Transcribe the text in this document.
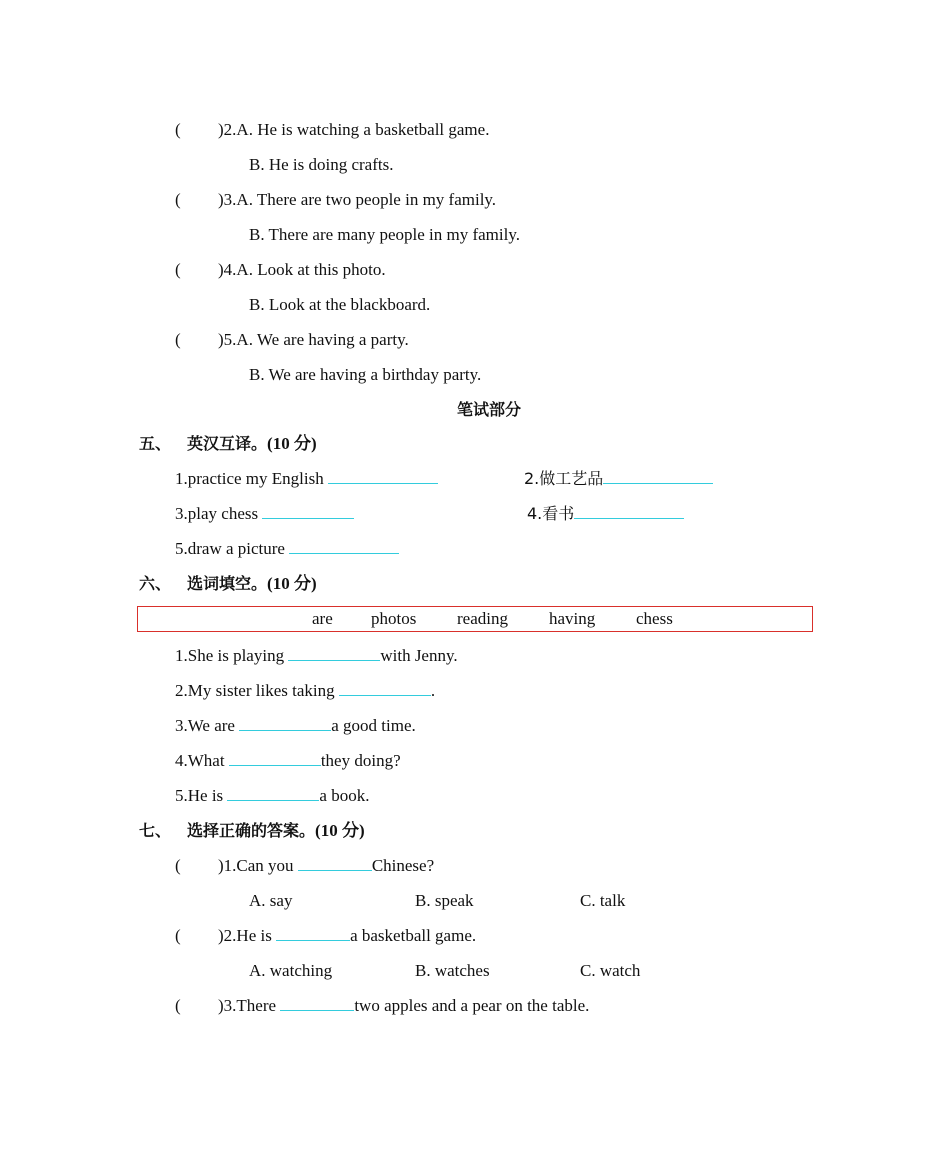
( )2.A. He is watching a basketball game.
B. He is doing crafts.
( )3.A. There are two people in my family.
B. There are many people in my family.
( )4.A. Look at this photo.
B. Look at the blackboard.
( )5.A. We are having a party.
B. We are having a birthday party.
笔试部分
五、 英汉互译。(10 分)
1.practice my English	2.做工艺品
3.play chess	4.看书
5.draw a picture
六、 选词填空。(10 分)
are photos reading having chess
1.She is playing	with Jenny.
2.My sister likes taking	.
3.We are	a good time.
4.What	they doing?
5.He is	a book.
七、 选择正确的答案。(10 分)
( )1.Can you	Chinese?
A. say	B. speak	C. talk
( )2.He is	a basketball game.
A. watching	B. watches	C. watch
( )3.There	two apples and a pear on the table.
